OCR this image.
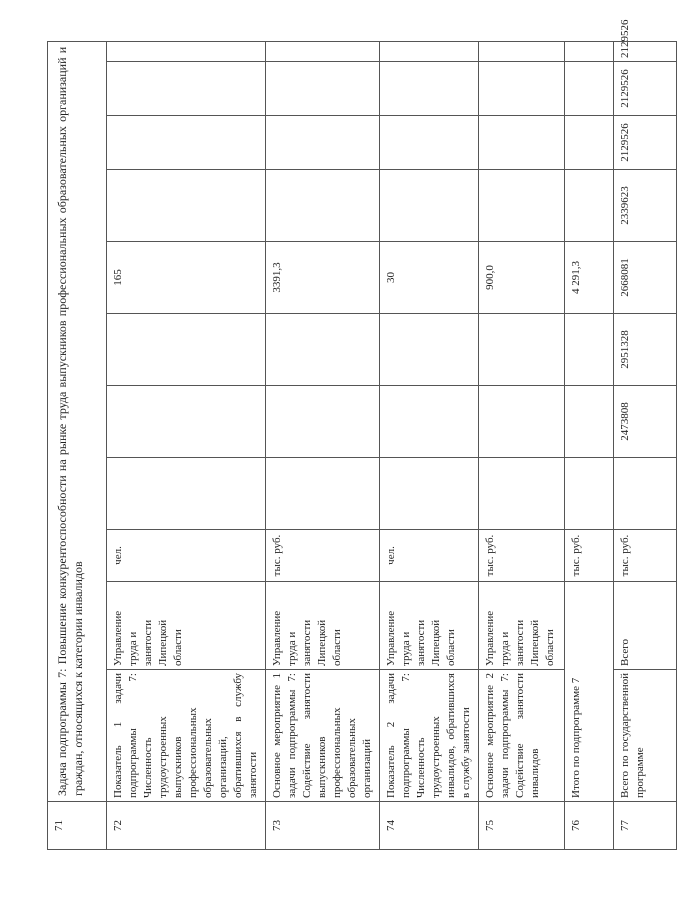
71	Задача подпрограммы 7: Повышение конкурентоспособности на рынке труда выпускников профессиональных образовательных организаций и граждан, относящихся к категории инвалидов										
72	Показатель 1 задачи подпрограммы 7: Численность трудоустроенных выпускников профессиональных образовательных организаций, обратившихся в службу занятости	Управление труда и занятости Липецкой области	чел.				165				
73	Основное мероприятие 1 задачи подпрограммы 7: Содействие занятости выпускников профессиональных образовательных организаций	Управление труда и занятости Липецкой области	тыс. руб.				3391,3				
74	Показатель 2 задачи подпрограммы 7: Численность трудоустроенных инвалидов, обратившихся в службу занятости	Управление труда и занятости Липецкой области	чел.				30				
75	Основное мероприятие 2 задачи подпрограммы 7: Содействие занятости инвалидов	Управление труда и занятости Липецкой области	тыс. руб.				900,0				
76	Итого по подпрограмме 7		тыс. руб.				4 291,3				
77	Всего по государственной программе	Всего	тыс. руб.		2473808	2951328	2668081	2339623	2129526	2129526	2129526
